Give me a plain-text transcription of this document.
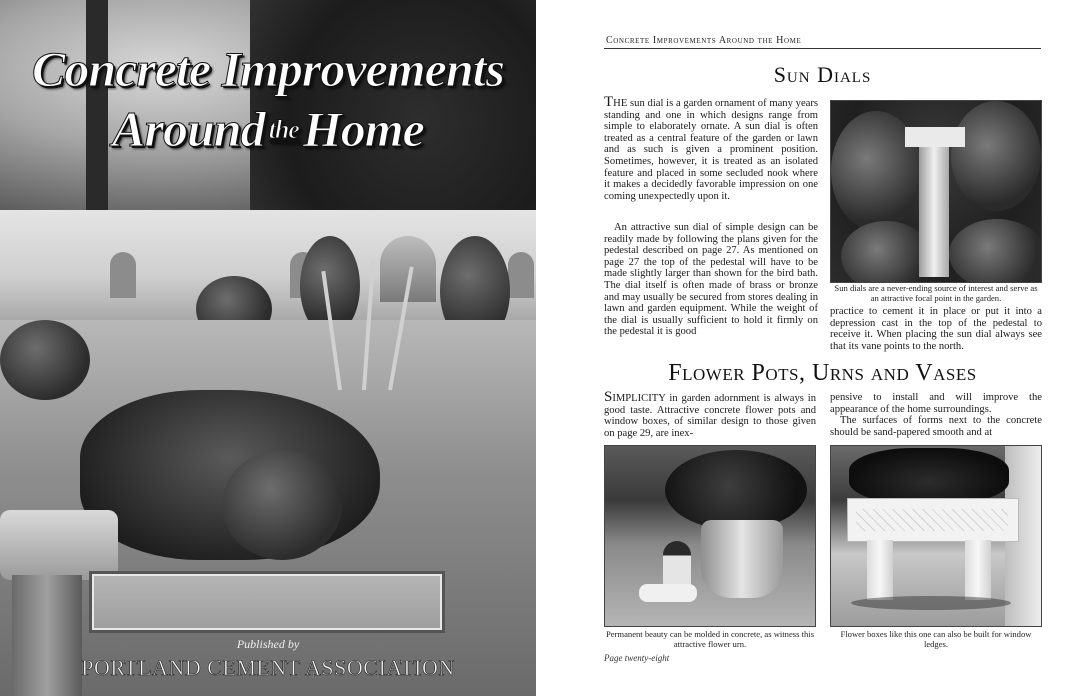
Concrete Improvements
Around theHome
Published by
PORTLAND CEMENT ASSOCIATION
Concrete Improvements Around the Home
Sun Dials

THE sun dial is a garden ornament of many years standing and one in which designs range from simple to elaborately ornate. A sun dial is often treated as a central feature of the garden or lawn and as such is given a prominent position. Sometimes, however, it is treated as an isolated feature and placed in some secluded nook where it makes a decidedly favorable impression on one coming unexpectedly upon it.

An attractive sun dial of simple design can be readily made by following the plans given for the pedestal described on page 27. As mentioned on page 27 the top of the pedestal will have to be made slightly larger than shown for the bird bath. The dial itself is often made of brass or bronze and may usually be secured from stores dealing in lawn and garden equipment. While the weight of the dial is usually sufficient to hold it firmly on the pedestal it is good

Sun dials are a never-ending source of interest and serve as an attractive focal point in the garden.

practice to cement it in place or put it into a depression cast in the top of the pedestal to receive it. When placing the sun dial always see that its vane points to the north.

Flower Pots, Urns and Vases

SIMPLICITY in garden adornment is always in good taste. Attractive concrete flower pots and window boxes, of similar design to those given on page 29, are inex-

pensive to install and will improve the appearance of the home surroundings.

The surfaces of forms next to the concrete should be sand-papered smooth and at

Permanent beauty can be molded in concrete, as witness this attractive flower urn.
Flower boxes like this one can also be built for window ledges.
Page twenty-eight
